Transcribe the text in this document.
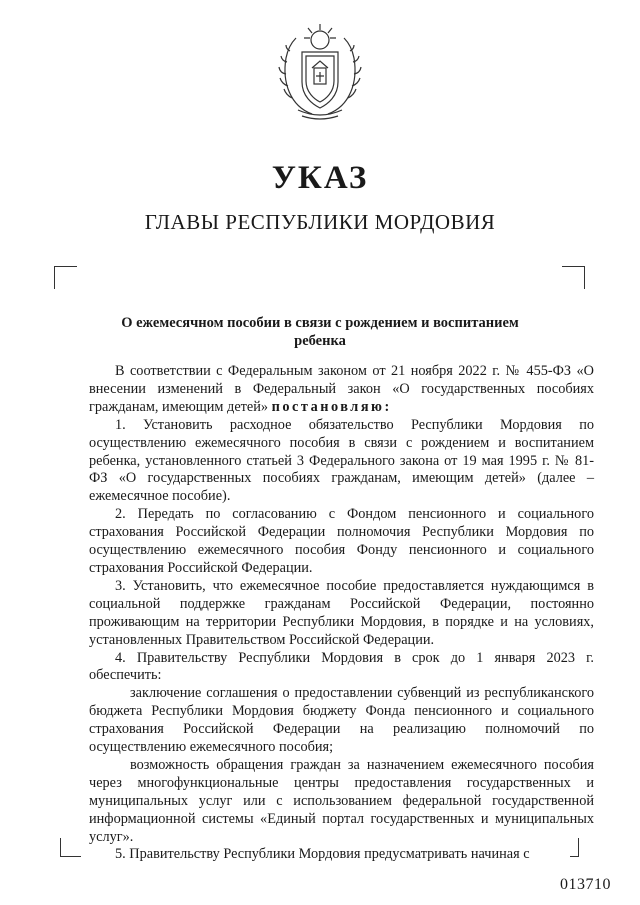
УКАЗ
ГЛАВЫ РЕСПУБЛИКИ МОРДОВИЯ
О ежемесячном пособии в связи с рождением и воспитанием ребенка

В соответствии с Федеральным законом от 21 ноября 2022 г. № 455-ФЗ «О внесении изменений в Федеральный закон «О государственных пособиях гражданам, имеющим детей» постановляю:

1. Установить расходное обязательство Республики Мордовия по осуществлению ежемесячного пособия в связи с рождением и воспитанием ребенка, установленного статьей 3 Федерального закона от 19 мая 1995 г. № 81-ФЗ «О государственных пособиях гражданам, имеющим детей» (далее – ежемесячное пособие).

2. Передать по согласованию с Фондом пенсионного и социального страхования Российской Федерации полномочия Республики Мордовия по осуществлению ежемесячного пособия Фонду пенсионного и социального страхования Российской Федерации.

3. Установить, что ежемесячное пособие предоставляется нуждающимся в социальной поддержке гражданам Российской Федерации, постоянно проживающим на территории Республики Мордовия, в порядке и на условиях, установленных Правительством Российской Федерации.

4. Правительству Республики Мордовия в срок до 1 января 2023 г. обеспечить:

заключение соглашения о предоставлении субвенций из республиканского бюджета Республики Мордовия бюджету Фонда пенсионного и социального страхования Российской Федерации на реализацию полномочий по осуществлению ежемесячного пособия;

возможность обращения граждан за назначением ежемесячного пособия через многофункциональные центры предоставления государственных и муниципальных услуг или с использованием федеральной государственной информационной системы «Единый портал государственных и муниципальных услуг».

5. Правительству Республики Мордовия предусматривать начиная с

013710
